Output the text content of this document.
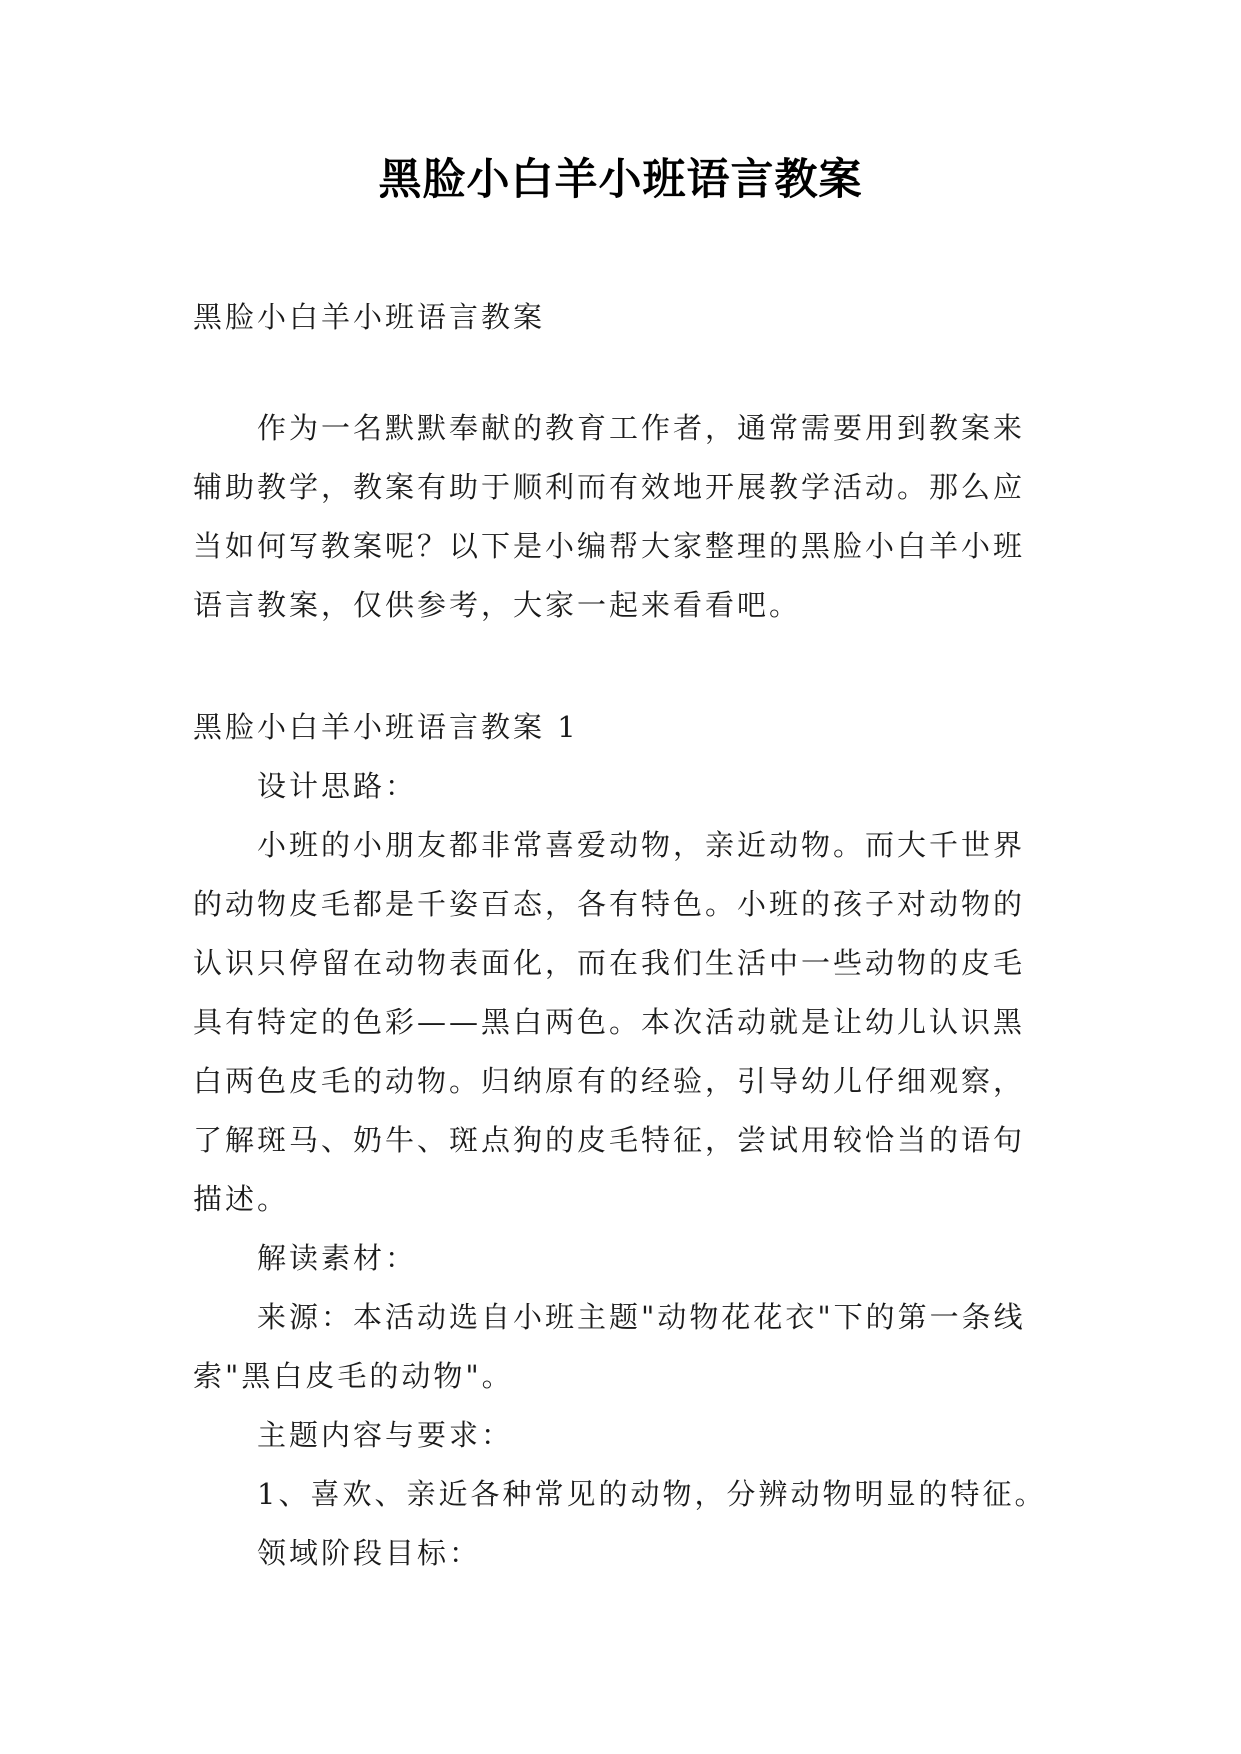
黑脸小白羊小班语言教案
黑脸小白羊小班语言教案

作为一名默默奉献的教育工作者，通常需要用到教案来辅助教学，教案有助于顺利而有效地开展教学活动。那么应当如何写教案呢？以下是小编帮大家整理的黑脸小白羊小班语言教案，仅供参考，大家一起来看看吧。

黑脸小白羊小班语言教案 1

设计思路：

小班的小朋友都非常喜爱动物，亲近动物。而大千世界的动物皮毛都是千姿百态，各有特色。小班的孩子对动物的认识只停留在动物表面化，而在我们生活中一些动物的皮毛具有特定的色彩——黑白两色。本次活动就是让幼儿认识黑白两色皮毛的动物。归纳原有的经验，引导幼儿仔细观察，了解斑马、奶牛、斑点狗的皮毛特征，尝试用较恰当的语句描述。

解读素材：

来源：本活动选自小班主题"动物花花衣"下的第一条线索"黑白皮毛的动物"。

主题内容与要求：

1、喜欢、亲近各种常见的动物，分辨动物明显的特征。

领域阶段目标：
